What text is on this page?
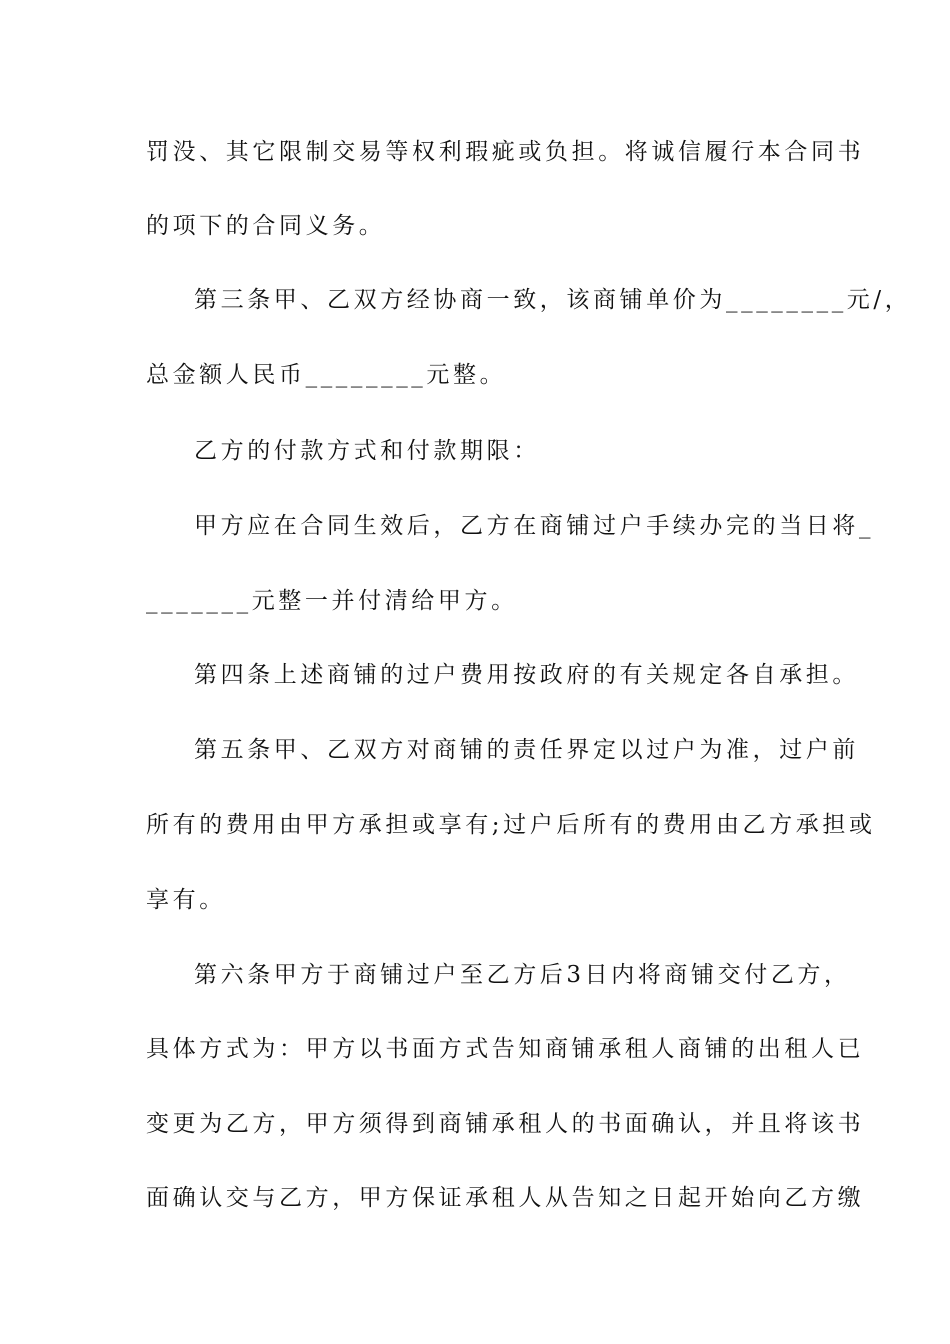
罚没、其它限制交易等权利瑕疵或负担。将诚信履行本合同书
的项下的合同义务。
第三条甲、乙双方经协商一致，该商铺单价为________元/，
总金额人民币________元整。
乙方的付款方式和付款期限：
甲方应在合同生效后，乙方在商铺过户手续办完的当日将_
_______元整一并付清给甲方。
第四条上述商铺的过户费用按政府的有关规定各自承担。
第五条甲、乙双方对商铺的责任界定以过户为准，过户前
所有的费用由甲方承担或享有;过户后所有的费用由乙方承担或
享有。
第六条甲方于商铺过户至乙方后3日内将商铺交付乙方，
具体方式为：甲方以书面方式告知商铺承租人商铺的出租人已
变更为乙方，甲方须得到商铺承租人的书面确认，并且将该书
面确认交与乙方，甲方保证承租人从告知之日起开始向乙方缴
